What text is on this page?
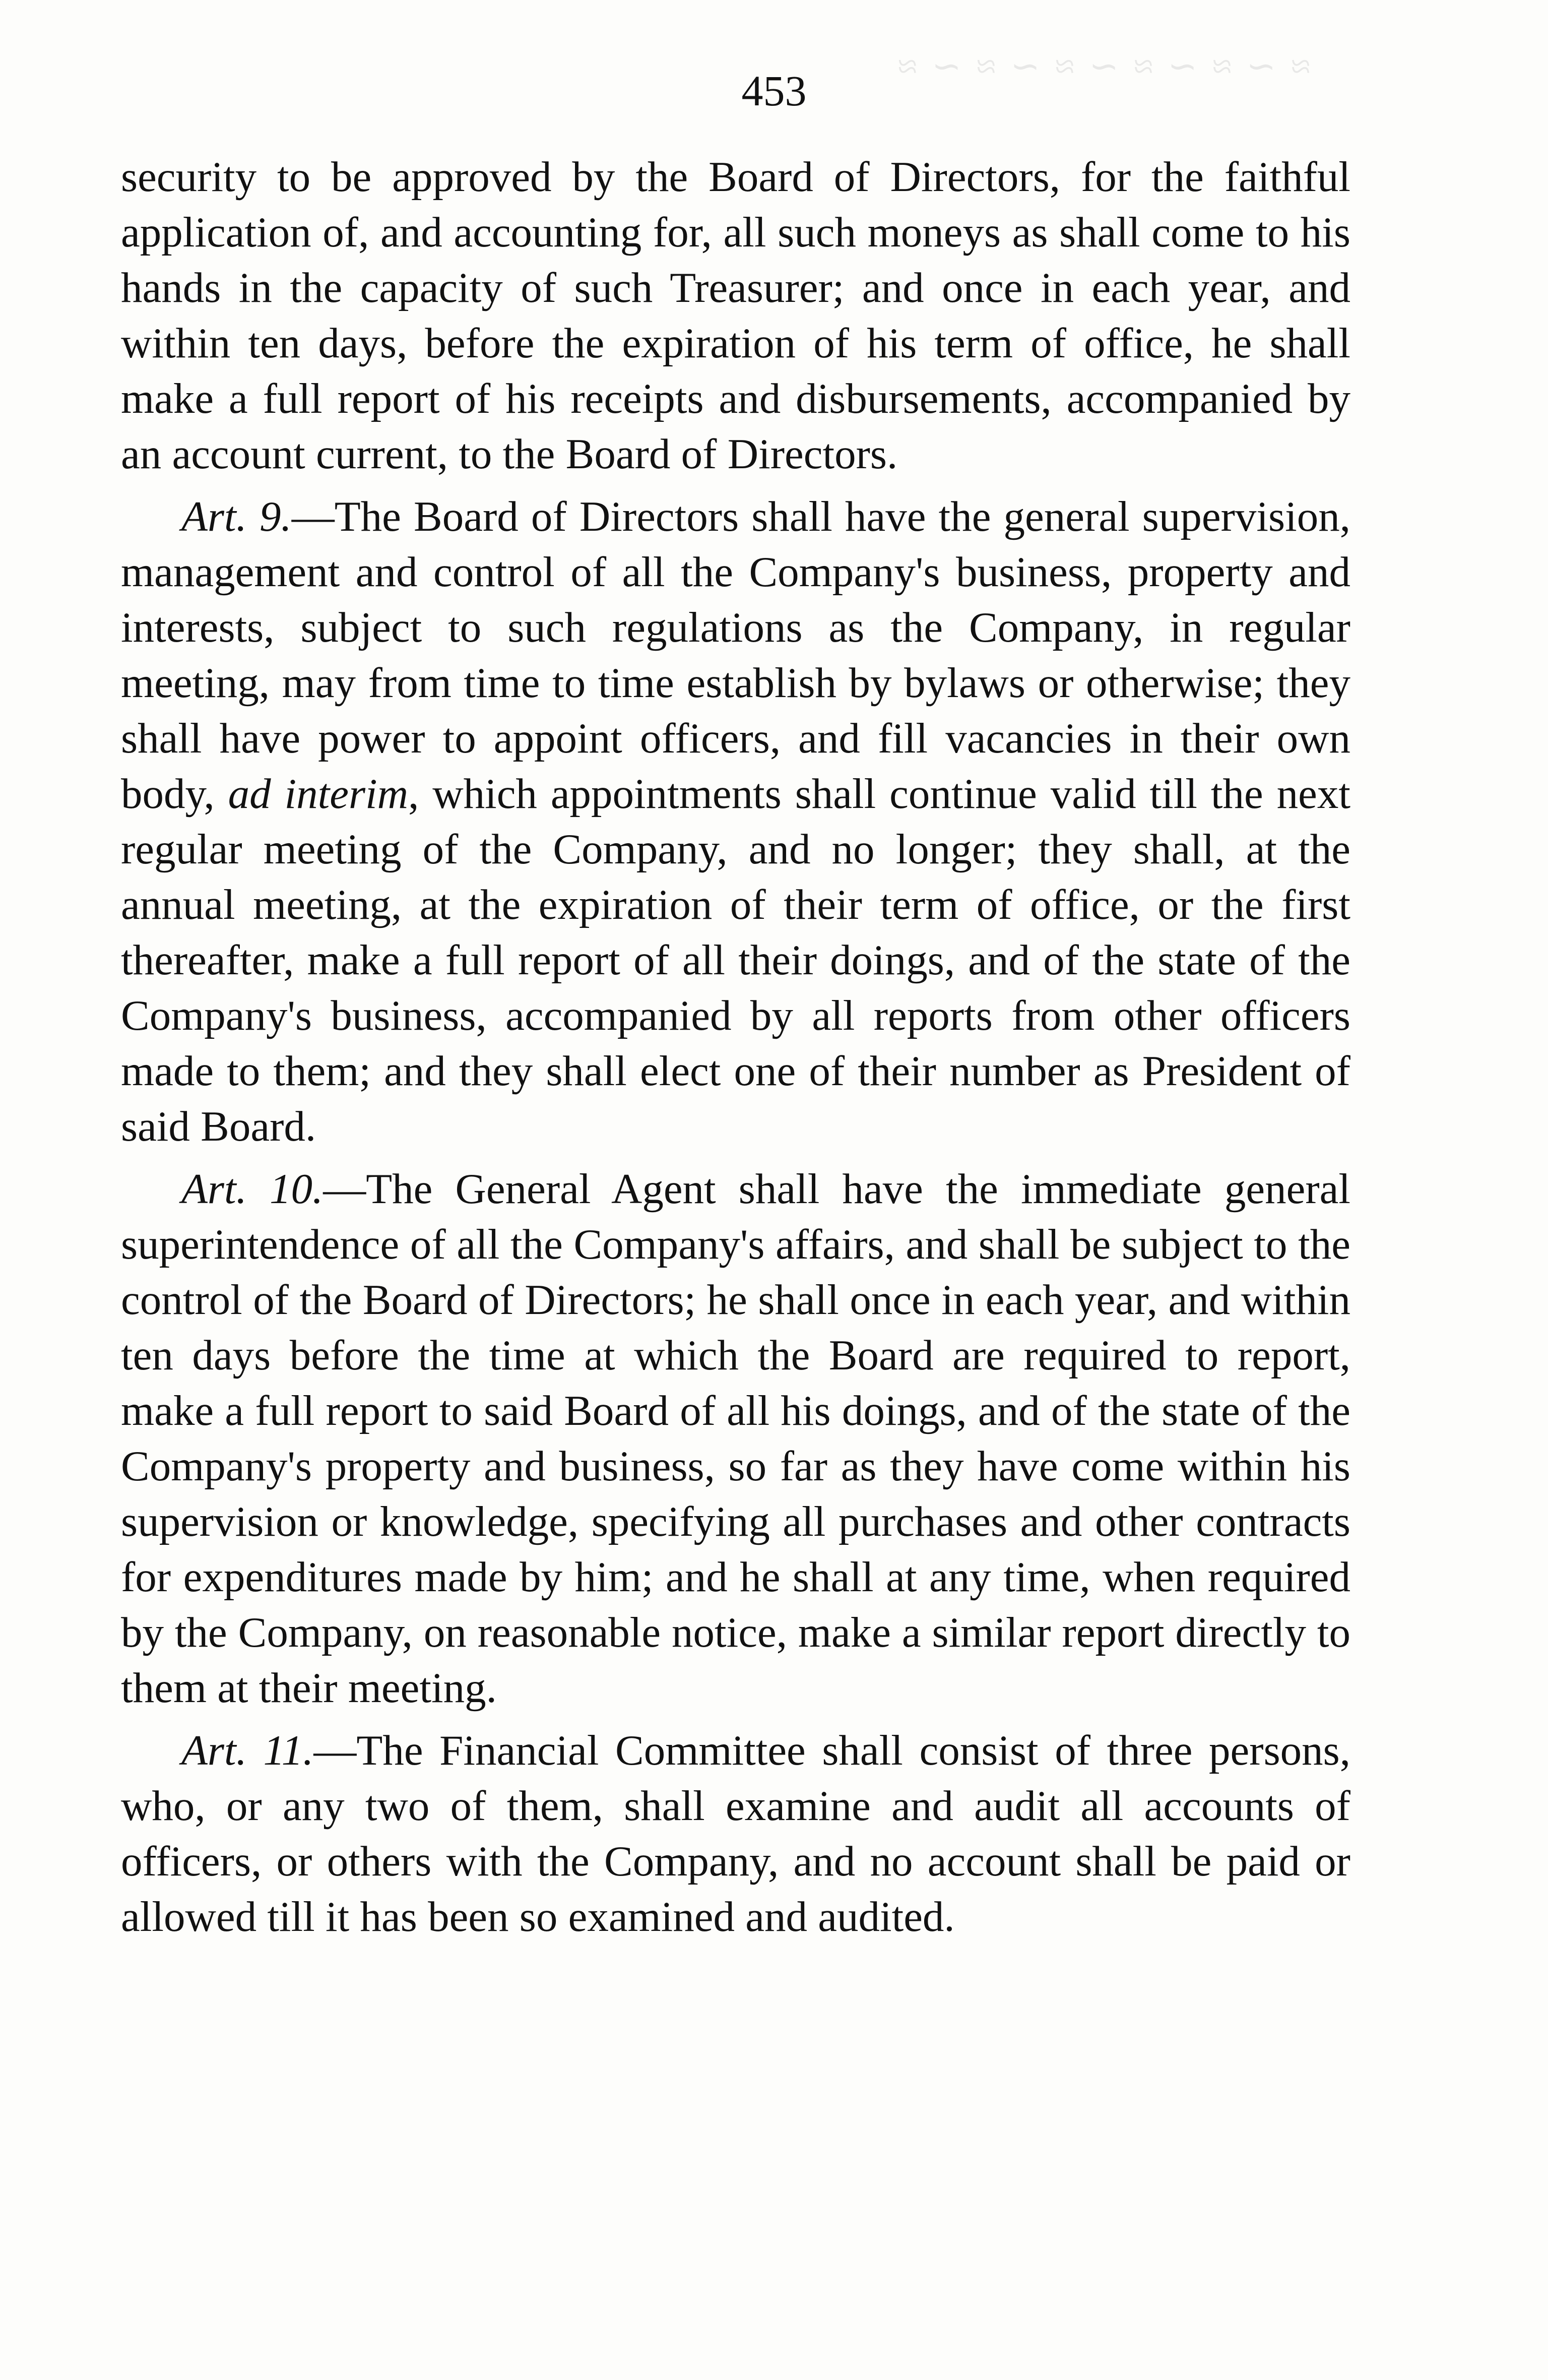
≈ ∼ ≈ ∼ ≈ ∼ ≈ ∼ ≈ ∼ ≈
453

security to be approved by the Board of Directors, for the faithful application of, and accounting for, all such moneys as shall come to his hands in the capacity of such Treasurer; and once in each year, and within ten days, before the expiration of his term of office, he shall make a full report of his receipts and disbursements, accompanied by an account current, to the Board of Directors.

Art. 9.—The Board of Directors shall have the general supervision, management and control of all the Company's business, property and interests, subject to such regulations as the Company, in regular meeting, may from time to time establish by bylaws or otherwise; they shall have power to appoint officers, and fill vacancies in their own body, ad interim, which appointments shall continue valid till the next regular meeting of the Company, and no longer; they shall, at the annual meeting, at the expiration of their term of office, or the first thereafter, make a full report of all their doings, and of the state of the Company's business, accompanied by all reports from other officers made to them; and they shall elect one of their number as President of said Board.

Art. 10.—The General Agent shall have the immediate general superintendence of all the Company's affairs, and shall be subject to the control of the Board of Directors; he shall once in each year, and within ten days before the time at which the Board are required to report, make a full report to said Board of all his doings, and of the state of the Company's property and business, so far as they have come within his supervision or knowledge, specifying all purchases and other contracts for expenditures made by him; and he shall at any time, when required by the Company, on reasonable notice, make a similar report directly to them at their meeting.

Art. 11.—The Financial Committee shall consist of three persons, who, or any two of them, shall examine and audit all accounts of officers, or others with the Company, and no account shall be paid or allowed till it has been so examined and audited.
